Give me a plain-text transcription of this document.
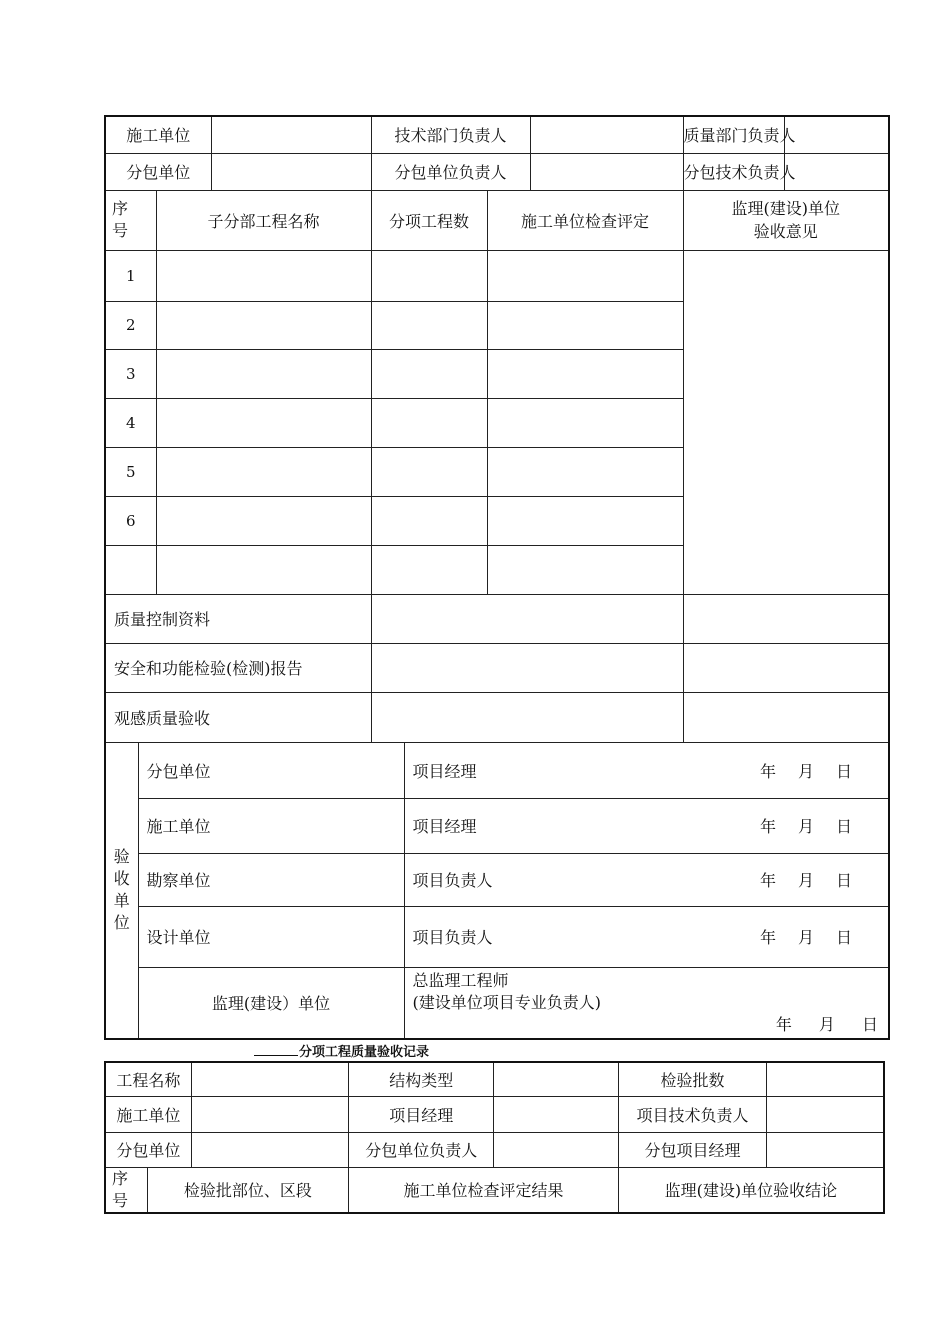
施工单位				技术部门负责人				质量部门负责人	
分包单位				分包单位负责人				分包技术负责人	

序号		子分部工程名称		分项工程数		施工单位检查评定		监理(建设)单位
验收意见	

1									
2									
3									
4									
5									
6									

质量控制资料									
安全和功能检验(检测)报告									
观感质量验收									

验收单位	分包单位				项目经理 年 月 日				

	施工单位				项目经理 年 月 日				

	勘察单位				项目负责人 年 月 日				

	设计单位				项目负责人 年 月 日				

	监理(建设）单位				总监理工程师
(建设单位项目专业负责人)
年 月 日				
分项工程质量验收记录
工程名称			结构类型		检验批数	
施工单位			项目经理		项目技术负责人	
分包单位			分包单位负责人		分包项目经理	

序号	检验批部位、区段		施工单位检查评定结果		监理(建设)单位验收结论	
